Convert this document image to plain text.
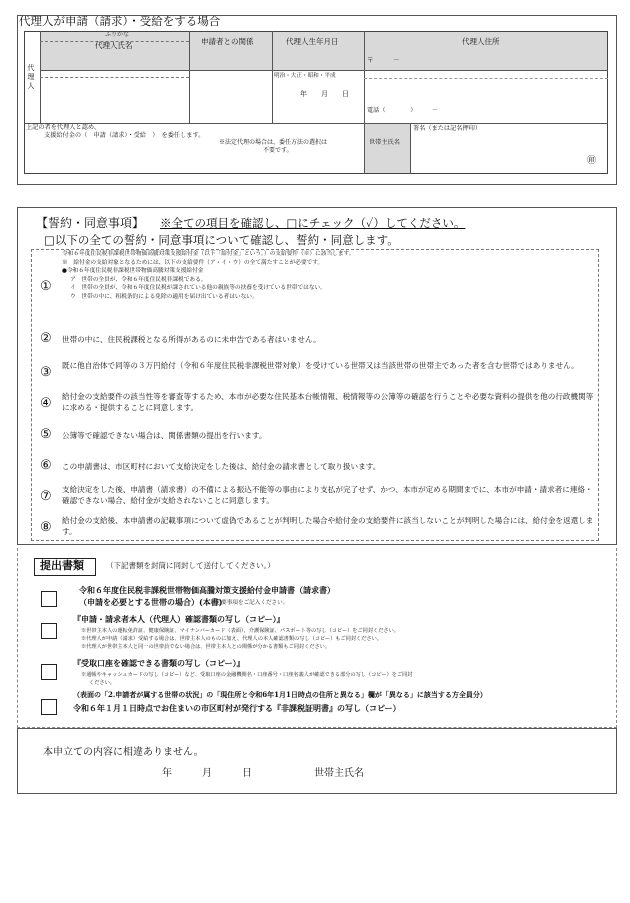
代理人が申請（請求）・受給をする場合
代理人
ふりがな
代理人氏名	申請者との関係	代理人生年月日	代理人住所
明治・大正・昭和・平成
年　　月　　日
〒　　　－
電話（　　　　）　　　－
上記の者を代理人と認め、
支援給付金の（　申請（請求）・受給　）　を委任します。
※法定代理の場合は、委任方法の選択は
不要です。
世帯主氏名
署名（または記名押印）
㊞
【誓約・同意事項】 ※全ての項目を確認し、□にチェック（✓）してください。
□以下の全ての誓約・同意事項について確認し、誓約・同意します。
①
令和６年度住民税非課税世帯物価高騰対策支援給付金（以下「給付金」という。）の支給要件（※）に該当します。
※　給付金の支給対象となるためには、以下の支給要件（ア・イ・ウ）の全て満たすことが必要です。
●令和６年度住民税非課税世帯物価高騰対策支援給付金
ア　世帯の全員が、令和６年度住民税非課税である。
イ　世帯の全員が、令和６年度住民税が課されている他の親族等の扶養を受けている世帯ではない。
ウ　世帯の中に、租税条約による免除の適用を届け出ている者はいない。
② 世帯の中に、住民税課税となる所得があるのに未申告である者はいません。
③ 既に他自治体で同等の３万円給付（令和６年度住民税非課税世帯対象）を受けている世帯又は当該世帯の世帯主であった者を含む世帯ではありません。
④ 給付金の支給要件の該当性等を審査等するため、本市が必要な住民基本台帳情報、税情報等の公簿等の確認を行うことや必要な資料の提供を他の行政機関等に求める・提供することに同意します。
⑤ 公簿等で確認できない場合は、関係書類の提出を行います。
⑥ この申請書は、市区町村において支給決定をした後は、給付金の請求書として取り扱います。
⑦ 支給決定をした後、申請書（請求書）の不備による振込不能等の事由により支払が完了せず、かつ、本市が定める期間までに、本市が申請・請求者に連絡・確認できない場合、給付金が支給されないことに同意します。
⑧ 給付金の支給後、本申請書の記載事項について虚偽であることが判明した場合や給付金の支給要件に該当しないことが判明した場合には、給付金を返還します。
提出書類	（下記書類を封筒に同封して送付してください。）
令和６年度住民税非課税世帯物価高騰対策支援給付金申請書（請求書）
（申請を必要とする世帯の場合）(本書)
※必要事項をご記入ください。
『申請・請求者本人（代理人）確認書類の写し（コピー）』
※世帯主本人の運転免許証、健康保険証、マイナンバーカード（表面）、介護保険証、パスポート等の写し（コピー）をご同封ください。
※代理人が申請（請求）受給する場合は、世帯主本人のものに加え、代理人の本人確認書類の写し（コピー）もご同封ください。
※代理人が世帯主本人と同一の世帯員でない場合は、世帯主本人との関係が分かる書類もご同封ください。
『受取口座を確認できる書類の写し（コピー）』
※通帳やキャッシュカードの写し（コピー）など、受取口座の金融機関名・口座番号・口座名義人が確認できる部分の写し（コピー）をご同封
ください。
（表面の「2.申請者が属する世帯の状況」の「現住所と令和6年1月1日時点の住所と異なる」欄が「異なる」に該当する方全員分）
令和６年１月１日時点でお住まいの市区町村が発行する『非課税証明書』の写し（コピー）
本申立ての内容に相違ありません。
年　　　月　　　日	世帯主氏名
